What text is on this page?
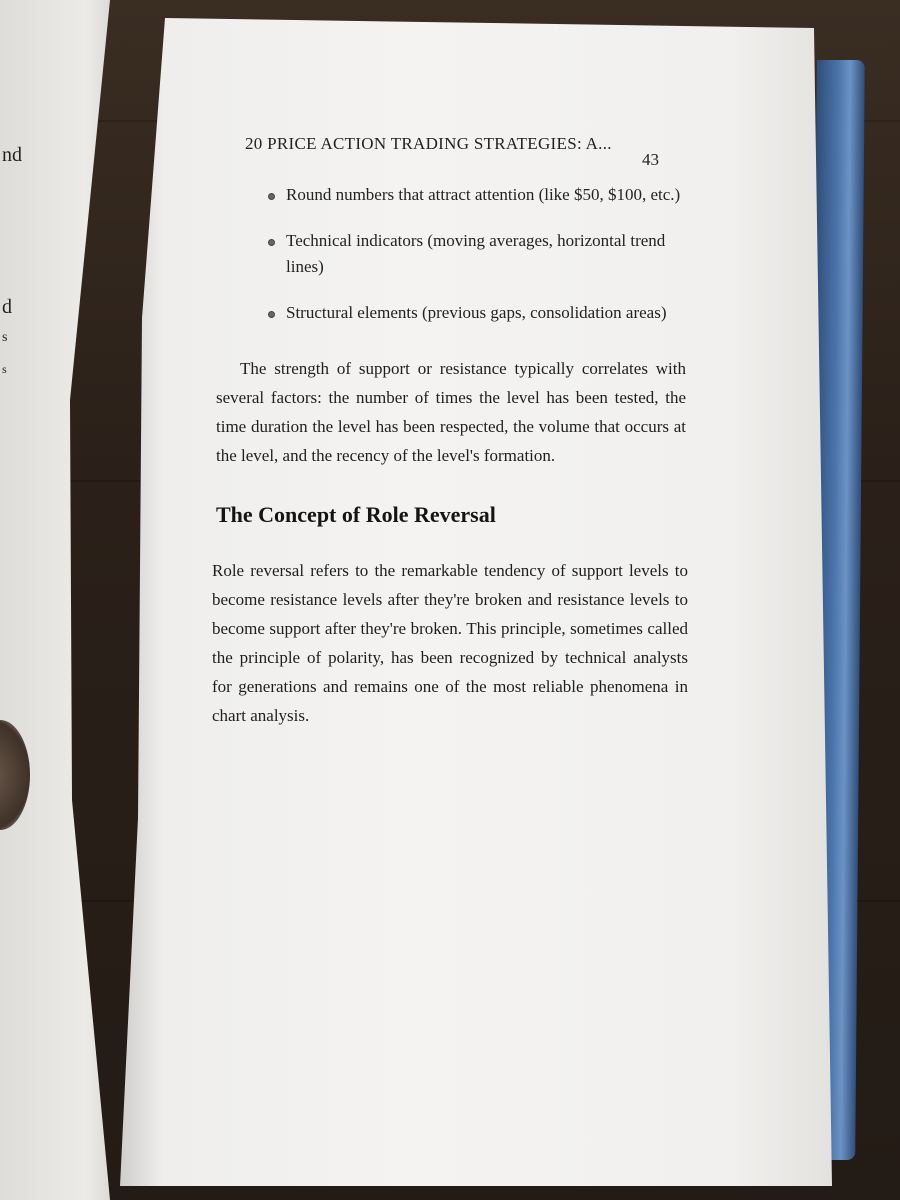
nd
d
s
s
20 PRICE ACTION TRADING STRATEGIES: A...
43
Round numbers that attract attention (like $50, $100, etc.)
Technical indicators (moving averages, horizontal trend lines)
Structural elements (previous gaps, consolidation areas)
The strength of support or resistance typically correlates with several factors: the number of times the level has been tested, the time duration the level has been respected, the volume that occurs at the level, and the recency of the level's formation.
The Concept of Role Reversal
Role reversal refers to the remarkable tendency of support levels to become resistance levels after they're broken and resistance levels to become support after they're broken. This principle, sometimes called the principle of polarity, has been recognized by technical analysts for generations and remains one of the most reliable phenomena in chart analysis.
